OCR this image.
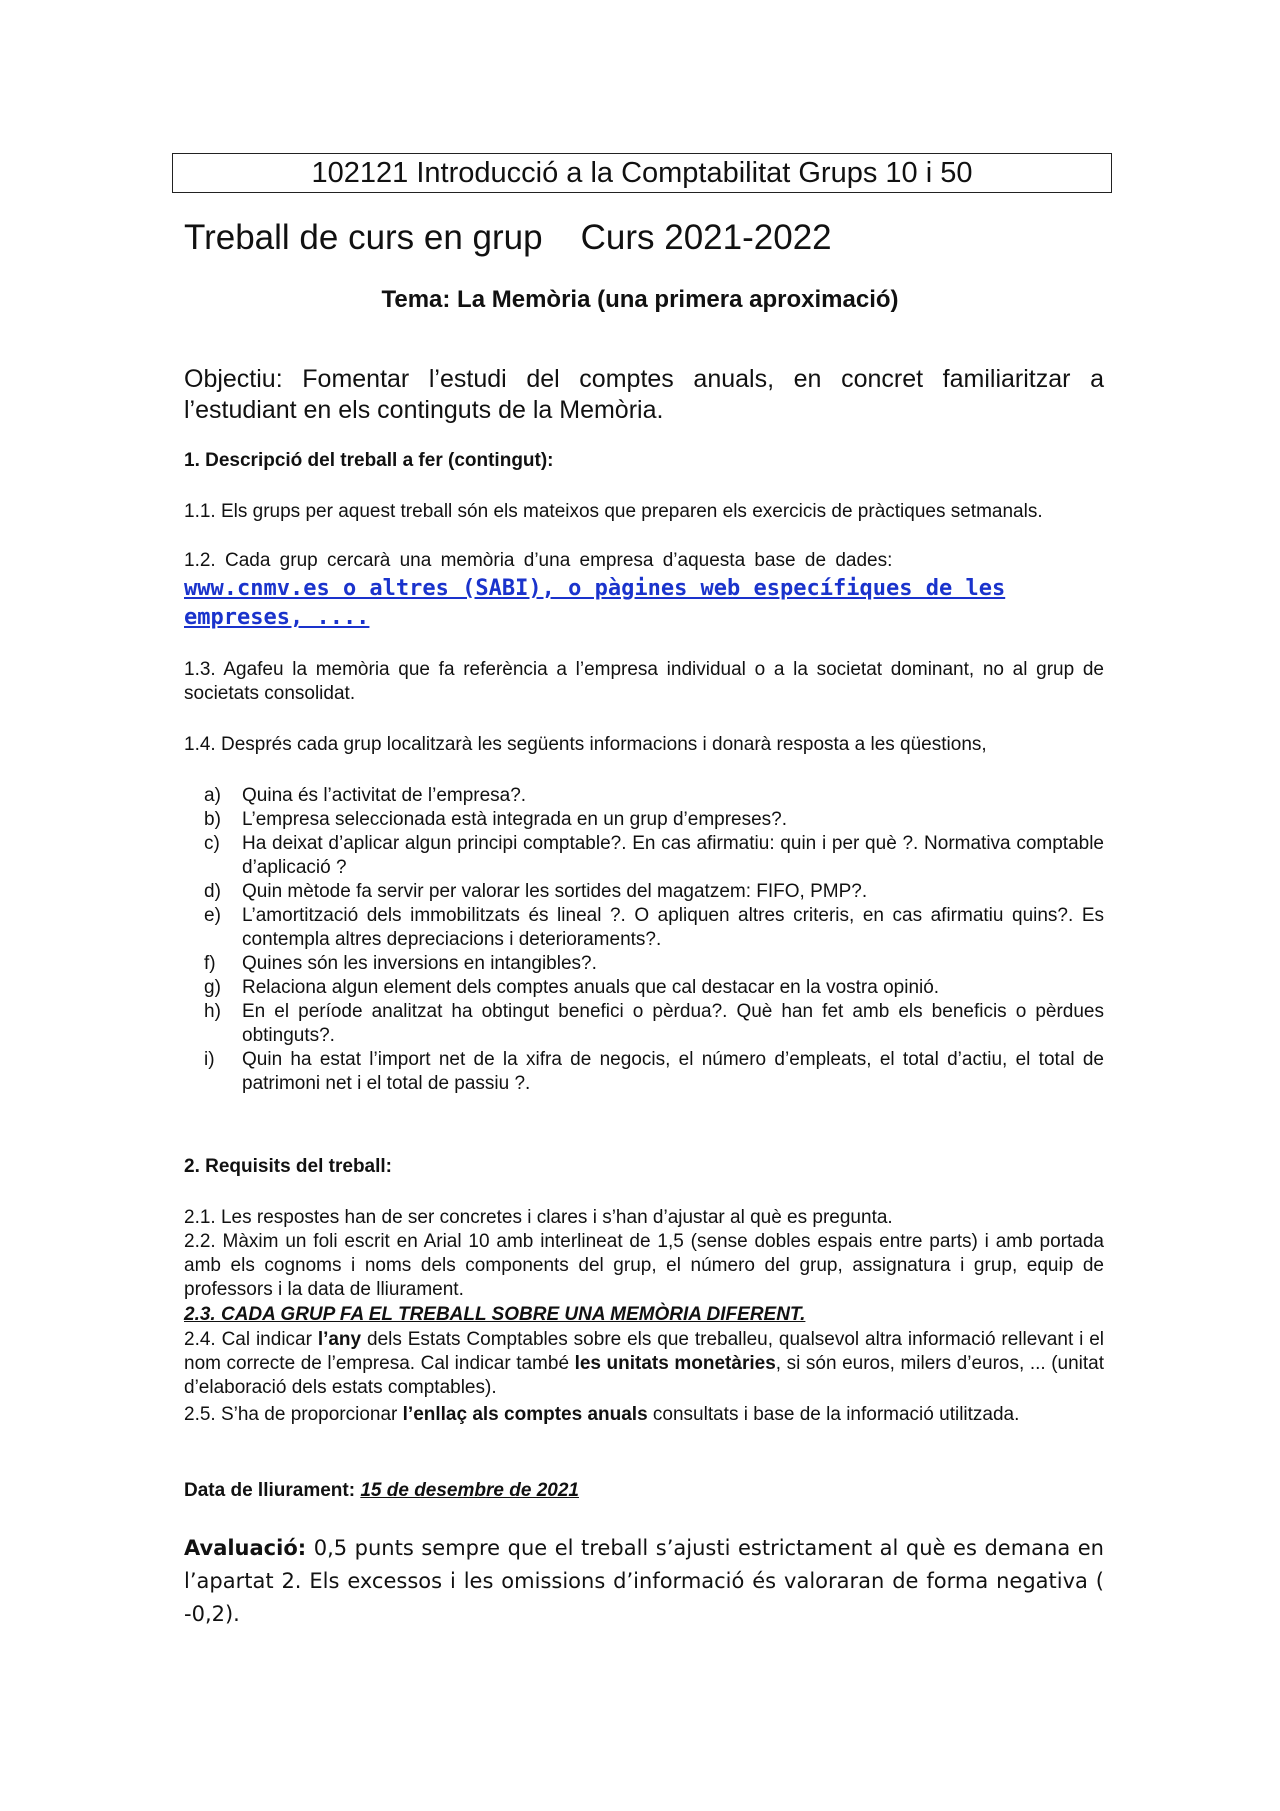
102121 Introducció a la Comptabilitat Grups 10 i 50
Treball de curs en grup Curs 2021-2022
Tema: La Memòria (una primera aproximació)
Objectiu: Fomentar l’estudi del comptes anuals, en concret familiaritzar a l’estudiant en els continguts de la Memòria.
1. Descripció del treball a fer (contingut):
1.1. Els grups per aquest treball són els mateixos que preparen els exercicis de pràctiques setmanals.
1.2. Cada grup cercarà una memòria d’una empresa d’aquesta base de dades:
www.cnmv.es o altres (SABI), o pàgines web específiques de les empreses, ....
1.3. Agafeu la memòria que fa referència a l’empresa individual o a la societat dominant, no al grup de societats consolidat.
1.4. Després cada grup localitzarà les següents informacions i donarà resposta a les qüestions,
a) Quina és l’activitat de l’empresa?.
b) L’empresa seleccionada està integrada en un grup d’empreses?.
c) Ha deixat d’aplicar algun principi comptable?. En cas afirmatiu: quin i per què ?. Normativa comptable d’aplicació ?
d) Quin mètode fa servir per valorar les sortides del magatzem: FIFO, PMP?.
e) L’amortització dels immobilitzats és lineal ?. O apliquen altres criteris, en cas afirmatiu quins?. Es contempla altres depreciacions i deterioraments?.
f) Quines són les inversions en intangibles?.
g) Relaciona algun element dels comptes anuals que cal destacar en la vostra opinió.
h) En el període analitzat ha obtingut benefici o pèrdua?. Què han fet amb els beneficis o pèrdues obtinguts?.
i) Quin ha estat l’import net de la xifra de negocis, el número d’empleats, el total d’actiu, el total de patrimoni net i el total de passiu ?.
2. Requisits del treball:
2.1. Les respostes han de ser concretes i clares i s’han d’ajustar al què es pregunta.
2.2. Màxim un foli escrit en Arial 10 amb interlineat de 1,5 (sense dobles espais entre parts) i amb portada amb els cognoms i noms dels components del grup, el número del grup, assignatura i grup, equip de professors i la data de lliurament.
2.3. CADA GRUP FA EL TREBALL SOBRE UNA MEMÒRIA DIFERENT.
2.4. Cal indicar l’any dels Estats Comptables sobre els que treballeu, qualsevol altra informació rellevant i el nom correcte de l’empresa. Cal indicar també les unitats monetàries, si són euros, milers d’euros, ... (unitat d’elaboració dels estats comptables).
2.5. S’ha de proporcionar l’enllaç als comptes anuals consultats i base de la informació utilitzada.
Data de lliurament: 15 de desembre de 2021
Avaluació: 0,5 punts sempre que el treball s’ajusti estrictament al què es demana en l’apartat 2. Els excessos i les omissions d’informació és valoraran de forma negativa ( -0,2).
